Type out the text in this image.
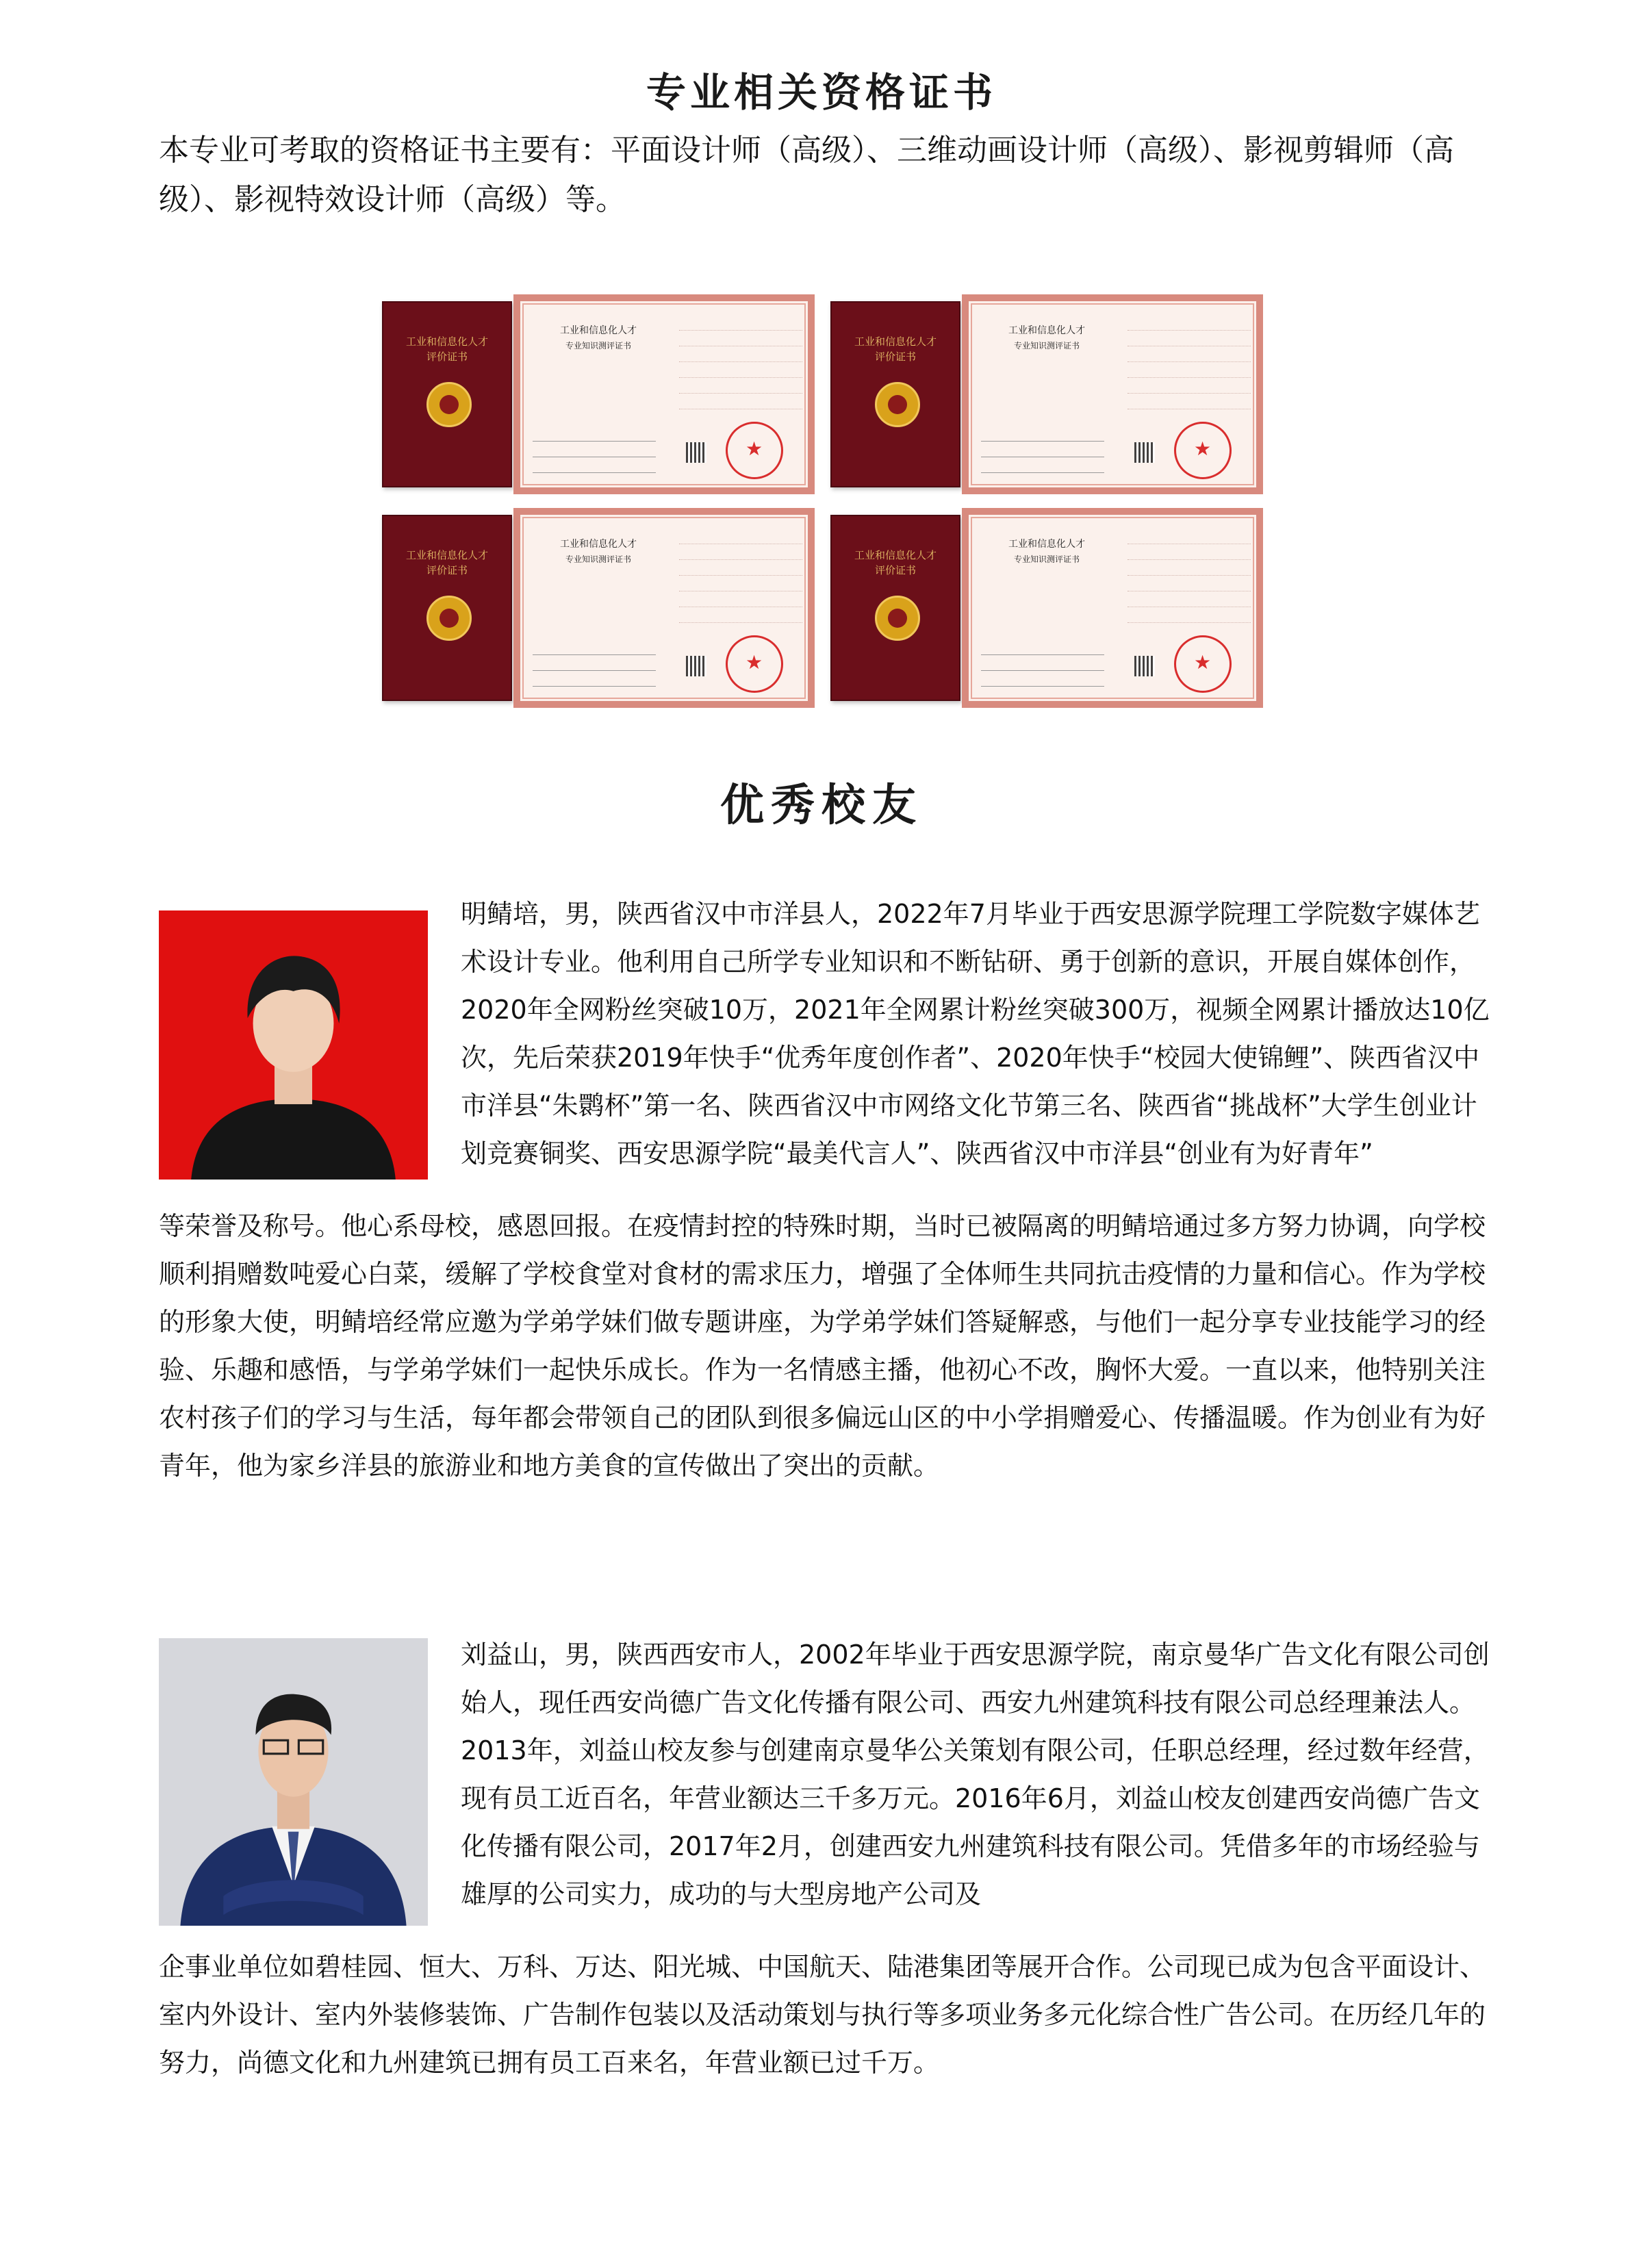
专业相关资格证书

本专业可考取的资格证书主要有：平面设计师（高级）、三维动画设计师（高级）、影视剪辑师（高级）、影视特效设计师（高级）等。

工业和信息化人才
评价证书
工业和信息化人才
专业知识测评证书
★	工业和信息化人才
评价证书
工业和信息化人才
专业知识测评证书
★
工业和信息化人才
评价证书
工业和信息化人才
专业知识测评证书
★	工业和信息化人才
评价证书
工业和信息化人才
专业知识测评证书
★
优秀校友

明鲭培，男，陕西省汉中市洋县人，2022年7月毕业于西安思源学院理工学院数字媒体艺术设计专业。他利用自己所学专业知识和不断钻研、勇于创新的意识，开展自媒体创作，2020年全网粉丝突破10万，2021年全网累计粉丝突破300万，视频全网累计播放达10亿次，先后荣获2019年快手“优秀年度创作者”、2020年快手“校园大使锦鲤”、陕西省汉中市洋县“朱鹮杯”第一名、陕西省汉中市网络文化节第三名、陕西省“挑战杯”大学生创业计划竞赛铜奖、西安思源学院“最美代言人”、陕西省汉中市洋县“创业有为好青年”

等荣誉及称号。他心系母校，感恩回报。在疫情封控的特殊时期，当时已被隔离的明鲭培通过多方努力协调，向学校顺利捐赠数吨爱心白菜，缓解了学校食堂对食材的需求压力，增强了全体师生共同抗击疫情的力量和信心。作为学校的形象大使，明鲭培经常应邀为学弟学妹们做专题讲座，为学弟学妹们答疑解惑，与他们一起分享专业技能学习的经验、乐趣和感悟，与学弟学妹们一起快乐成长。作为一名情感主播，他初心不改，胸怀大爱。一直以来，他特别关注农村孩子们的学习与生活，每年都会带领自己的团队到很多偏远山区的中小学捐赠爱心、传播温暖。作为创业有为好青年，他为家乡洋县的旅游业和地方美食的宣传做出了突出的贡献。

刘益山，男，陕西西安市人，2002年毕业于西安思源学院，南京曼华广告文化有限公司创始人，现任西安尚德广告文化传播有限公司、西安九州建筑科技有限公司总经理兼法人。2013年，刘益山校友参与创建南京曼华公关策划有限公司，任职总经理，经过数年经营，现有员工近百名，年营业额达三千多万元。2016年6月，刘益山校友创建西安尚德广告文化传播有限公司，2017年2月，创建西安九州建筑科技有限公司。凭借多年的市场经验与雄厚的公司实力，成功的与大型房地产公司及

企事业单位如碧桂园、恒大、万科、万达、阳光城、中国航天、陆港集团等展开合作。公司现已成为包含平面设计、室内外设计、室内外装修装饰、广告制作包装以及活动策划与执行等多项业务多元化综合性广告公司。在历经几年的努力，尚德文化和九州建筑已拥有员工百来名，年营业额已过千万。
